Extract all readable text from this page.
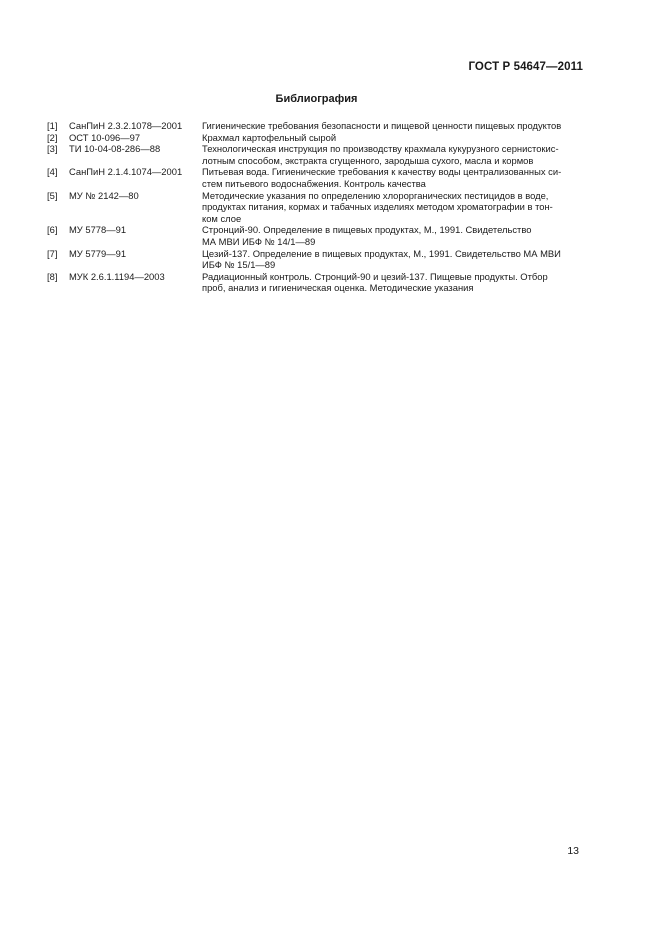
ГОСТ Р 54647—2011
Библиография
[1]	СанПиН 2.3.2.1078—2001	Гигиенические требования безопасности и пищевой ценности пищевых продуктов
[2]	ОСТ 10-096—97	Крахмал картофельный сырой
[3]	ТИ 10-04-08-286—88	Технологическая инструкция по производству крахмала кукурузного сернистокис-
лотным способом, экстракта сгущенного, зародыша сухого, масла и кормов
[4]	СанПиН 2.1.4.1074—2001	Питьевая вода. Гигиенические требования к качеству воды централизованных си-
стем питьевого водоснабжения. Контроль качества
[5]	МУ № 2142—80	Методические указания по определению хлорорганических пестицидов в воде,
продуктах питания, кормах и табачных изделиях методом хроматографии в тон-
ком слое
[6]	МУ 5778—91	Стронций-90. Определение в пищевых продуктах, М., 1991. Свидетельство
МА МВИ ИБФ № 14/1—89
[7]	МУ 5779—91	Цезий-137. Определение в пищевых продуктах, М., 1991. Свидетельство МА МВИ
ИБФ № 15/1—89
[8]	МУК 2.6.1.1194—2003	Радиационный контроль. Стронций-90 и цезий-137. Пищевые продукты. Отбор
проб, анализ и гигиеническая оценка. Методические указания
13
